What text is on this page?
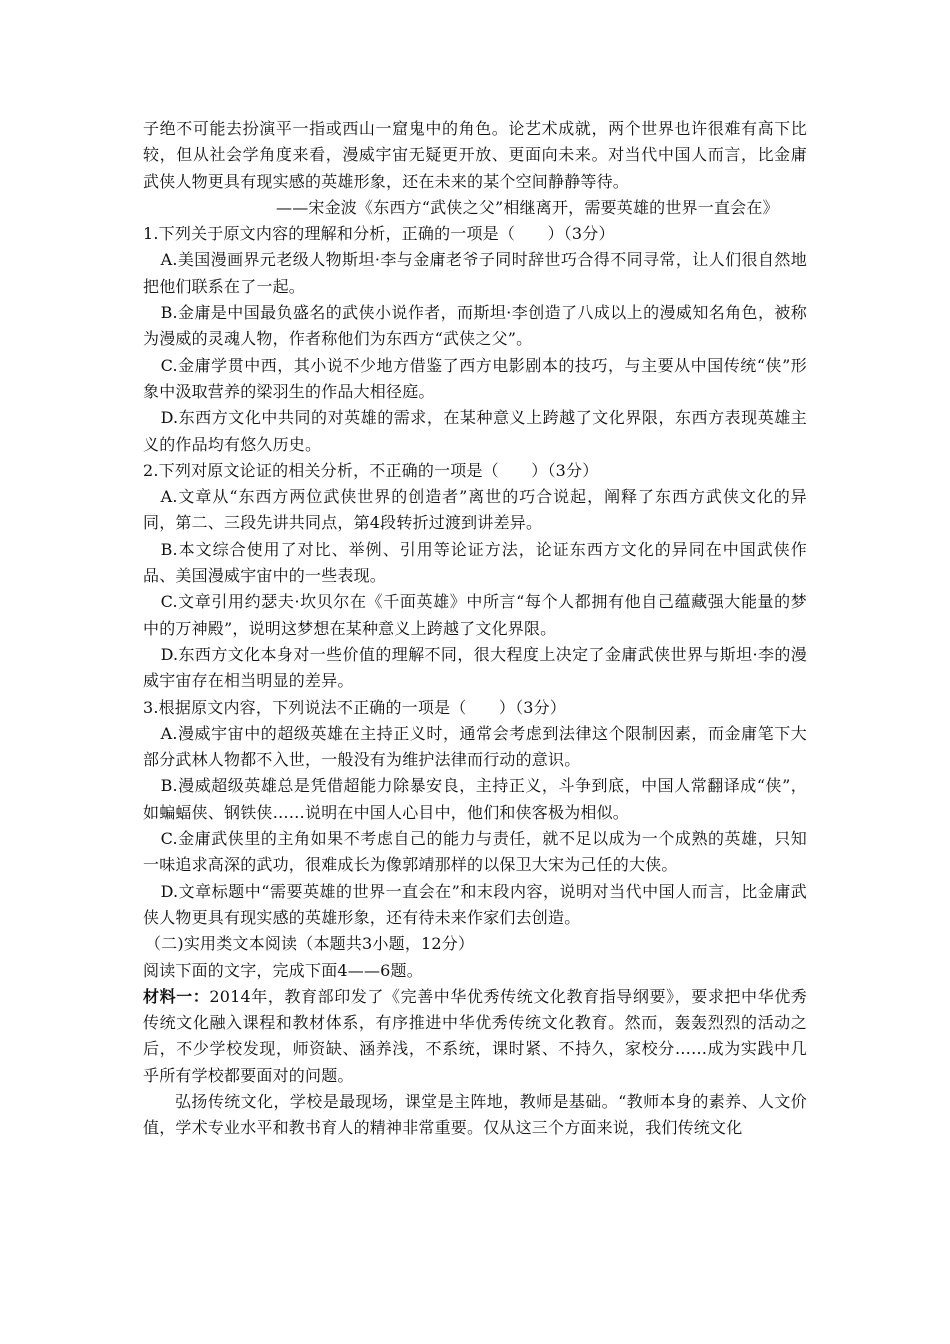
子绝不可能去扮演平一指或西山一窟鬼中的角色。论艺术成就，两个世界也许很难有高下比较，但从社会学角度来看，漫威宇宙无疑更开放、更面向未来。对当代中国人而言，比金庸武侠人物更具有现实感的英雄形象，还在未来的某个空间静静等待。

——宋金波《东西方“武侠之父”相继离开，需要英雄的世界一直会在》

1.下列关于原文内容的理解和分析，正确的一项是（　　）（3分）

A.美国漫画界元老级人物斯坦·李与金庸老爷子同时辞世巧合得不同寻常，让人们很自然地把他们联系在了一起。

B.金庸是中国最负盛名的武侠小说作者，而斯坦·李创造了八成以上的漫威知名角色，被称为漫威的灵魂人物，作者称他们为东西方“武侠之父”。

C.金庸学贯中西，其小说不少地方借鉴了西方电影剧本的技巧，与主要从中国传统“侠”形象中汲取营养的梁羽生的作品大相径庭。

D.东西方文化中共同的对英雄的需求，在某种意义上跨越了文化界限，东西方表现英雄主义的作品均有悠久历史。

2.下列对原文论证的相关分析，不正确的一项是（　　）（3分）

A.文章从“东西方两位武侠世界的创造者”离世的巧合说起，阐释了东西方武侠文化的异同，第二、三段先讲共同点，第4段转折过渡到讲差异。

B.本文综合使用了对比、举例、引用等论证方法，论证东西方文化的异同在中国武侠作品、美国漫威宇宙中的一些表现。

C.文章引用约瑟夫·坎贝尔在《千面英雄》中所言“每个人都拥有他自己蕴藏强大能量的梦中的万神殿”，说明这梦想在某种意义上跨越了文化界限。

D.东西方文化本身对一些价值的理解不同，很大程度上决定了金庸武侠世界与斯坦·李的漫威宇宙存在相当明显的差异。

3.根据原文内容，下列说法不正确的一项是（　　）（3分）

A.漫威宇宙中的超级英雄在主持正义时，通常会考虑到法律这个限制因素，而金庸笔下大部分武林人物都不入世，一般没有为维护法律而行动的意识。

B.漫威超级英雄总是凭借超能力除暴安良，主持正义，斗争到底，中国人常翻译成“侠”，如蝙蝠侠、钢铁侠……说明在中国人心目中，他们和侠客极为相似。

C.金庸武侠里的主角如果不考虑自己的能力与责任，就不足以成为一个成熟的英雄，只知一味追求高深的武功，很难成长为像郭靖那样的以保卫大宋为己任的大侠。

D.文章标题中“需要英雄的世界一直会在”和末段内容，说明对当代中国人而言，比金庸武侠人物更具有现实感的英雄形象，还有待未来作家们去创造。

（二)实用类文本阅读（本题共3小题，12分）

阅读下面的文字，完成下面4——6题。

材料一：2014年，教育部印发了《完善中华优秀传统文化教育指导纲要》，要求把中华优秀传统文化融入课程和教材体系，有序推进中华优秀传统文化教育。然而，轰轰烈烈的活动之后，不少学校发现，师资缺、涵养浅，不系统，课时紧、不持久，家校分……成为实践中几乎所有学校都要面对的问题。

弘扬传统文化，学校是最现场，课堂是主阵地，教师是基础。“教师本身的素养、人文价值，学术专业水平和教书育人的精神非常重要。仅从这三个方面来说，我们传统文化
